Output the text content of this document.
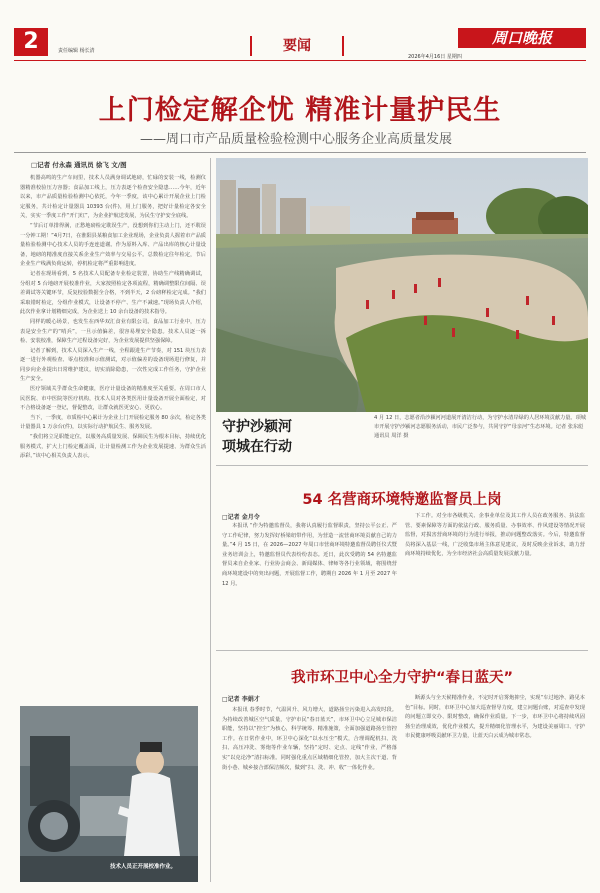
2	责任编辑 杨长清	要闻	周口晚报
2026年4月16日 星期四
上门检定解企忧 精准计量护民生
——周口市产品质量检验检测中心服务企业高质量发展
□记者 付永森 通讯员 徐飞 文/图

机器高鸣的生产车间里，技术人员满身调试地磅，忙碌的安装一线，检测仪器精准校验压力容器；食品加工线上，压力表逐个检查安全隐患……今年，近年以来，市产品质量检验检测中心依托，今年一季度，该中心累计开展企业上门检定服务，共计检定计量器具 10393 台(件)，用上门服务，把好计量检定各安全关，实实一季度工作“开门红”，为企业护航送发展，为民生守护安全底线。

“节后订单排得满，正愁地磅检定耽误生产，没想到你们主动上门，还不耽误一分钟工期！”4月7日，在淮阳县某粮食加工企业现场，企业负责人握着市产品质量检验检测中心技术人员的手连连道谢。作为原料入库、产品出库的核心计量设备，地磅的精准度直接关系企业生产效率与交易公平。总数检定往年检定，节后企业生产线满负荷运转，停机检定将严重影响进度。

记者在现场看到，5 名技术人员配备专业检定装置，协助生产线精确调试，分组对 5 台地磅开展校准作业，大家按照检定各项流程，精确调整限位间隔、误差调试等关键环节，反复校验数据全合格，不到半天，2 台磅秤检定完成。“我们采取错时检定，分组作业模式，让设备不停产、生产不减速。”现场负责人介绍，此次作业拿计划精细完成，为企业送上 10 余台设备的技术指导。

同样的暖心场景，也发生在西华双汇食业有限公司。食品加工行业中，压力表是安全生产的“哨兵”，一旦示值偏差，很容易埋安全隐患。技术人员逐一拆检、安装校准，保障生产过程设备完好，为企业发展提供坚强保障。

记者了解到，技术人员深入生产一线，全程跟进生产节奏，对 151 块压力表逐一进行外观检查、零点校准和示值测试，对示值偏差的设备现场进行修复，并同步向企业提出日常维护建议，切实消除隐患，一次性完成工作任务，守护企业生产安全。

医疗领域关乎群众生命健康，医疗计量设备的精准度至关重要。在周口市人民医院、市中医院等医疗机构，技术人员对各类医用计量设备开展全面检定，对不合格设备逐一登记，督促整改，让群众就医更安心、更放心。

当下，一季度，市质检中心累计为企业上门开展检定服务 80 余次，检定各类计量器具 1 万余台(件)，以实际行动护航民生、服务发展。

“我们将立足职能定位，以服务高质量发展、保障民生为根本目标，持续优化服务模式，扩大上门检定覆盖面，让计量检测工作为企业发展提速、为群众生活添彩。”该中心相关负责人表示。

守护沙颍河
项城在行动
4 月 12 日，志愿者沿沙颍河河道展开清洁行动，为守护水清岸绿的人居环境贡献力量。项城市开展守护沙颍河志愿服务活动，市民广泛参与，共同守护“母亲河”生态环境。记者 张东彪 通讯员 周洋 摄
54 名营商环境特邀监督员上岗
□记者 金月令
本报讯 “作为特邀监督员，我将认真履行监督职责，坚持公平公正、严守工作纪律，努力发挥好桥梁纽带作用，为营造一流营商环境贡献自己的力量。”4 月 15 日，在 2026—2027 年周口市营商环境特邀监督员聘任仪式暨业务培训会上，特邀监督员代表纷纷表态。近日，此次受聘的 54 名特邀监督员来自企业家、行业协会商会、新闻媒体、律师等各行业领域，将围绕营商环境建设中的突出问题，开展监督工作，聘期自 2026 年 1 月至 2027 年 12 月。
下工作。对全市各级机关、企事业单位及其工作人员在政务服务、执法监管、要素保障等方面的依法行政、服务质量、办事效率、作风建设等情况开展监督，对损害营商环境的行为进行举报，推动问题整改落实。今后，特邀监督员将深入基层一线，广泛收集市场主体意见建议，及时反映企业诉求，助力营商环境持续优化，为全市经济社会高质量发展贡献力量。
我市环卫中心全力守护“春日蓝天”
□记者 李娟才
本报讯 春季时节，气温回升、风力增大，道路扬尘污染进入高发时段。为持续改善城区空气质量，守护市民“春日蓝天”，市环卫中心立足城市保洁职能，坚持以“控尘”为核心，科学统筹、精准施策，全面加强道路扬尘管控工作。在日常作业中，环卫中心深化“以水压尘”模式，合理调配机扫、洗扫、高压冲洗、雾炮等作业车辆，坚持“定时、定点、定线”作业，严格落实“以克论净”清扫标准。同时强化重点区域精细化管控，加大主次干道、背街小巷、城乡接合部保洁频次，做到“扫、洗、冲、收”一体化作业。
断源头与全天候精准作业，不定时开启雾炮抑尘，实现“车过地净、路见本色”目标。同时，市环卫中心加大巡查督导力度，建立问题台账，对巡查中发现的问题立即交办、限时整改，确保作业质量。下一步，市环卫中心将持续巩固扬尘治理成效，优化作业模式，提升精细化管理水平，为建设美丽周口、守护市民健康呼吸贡献环卫力量，让蓝天白云成为城市常态。
技术人员正开展校准作业。
